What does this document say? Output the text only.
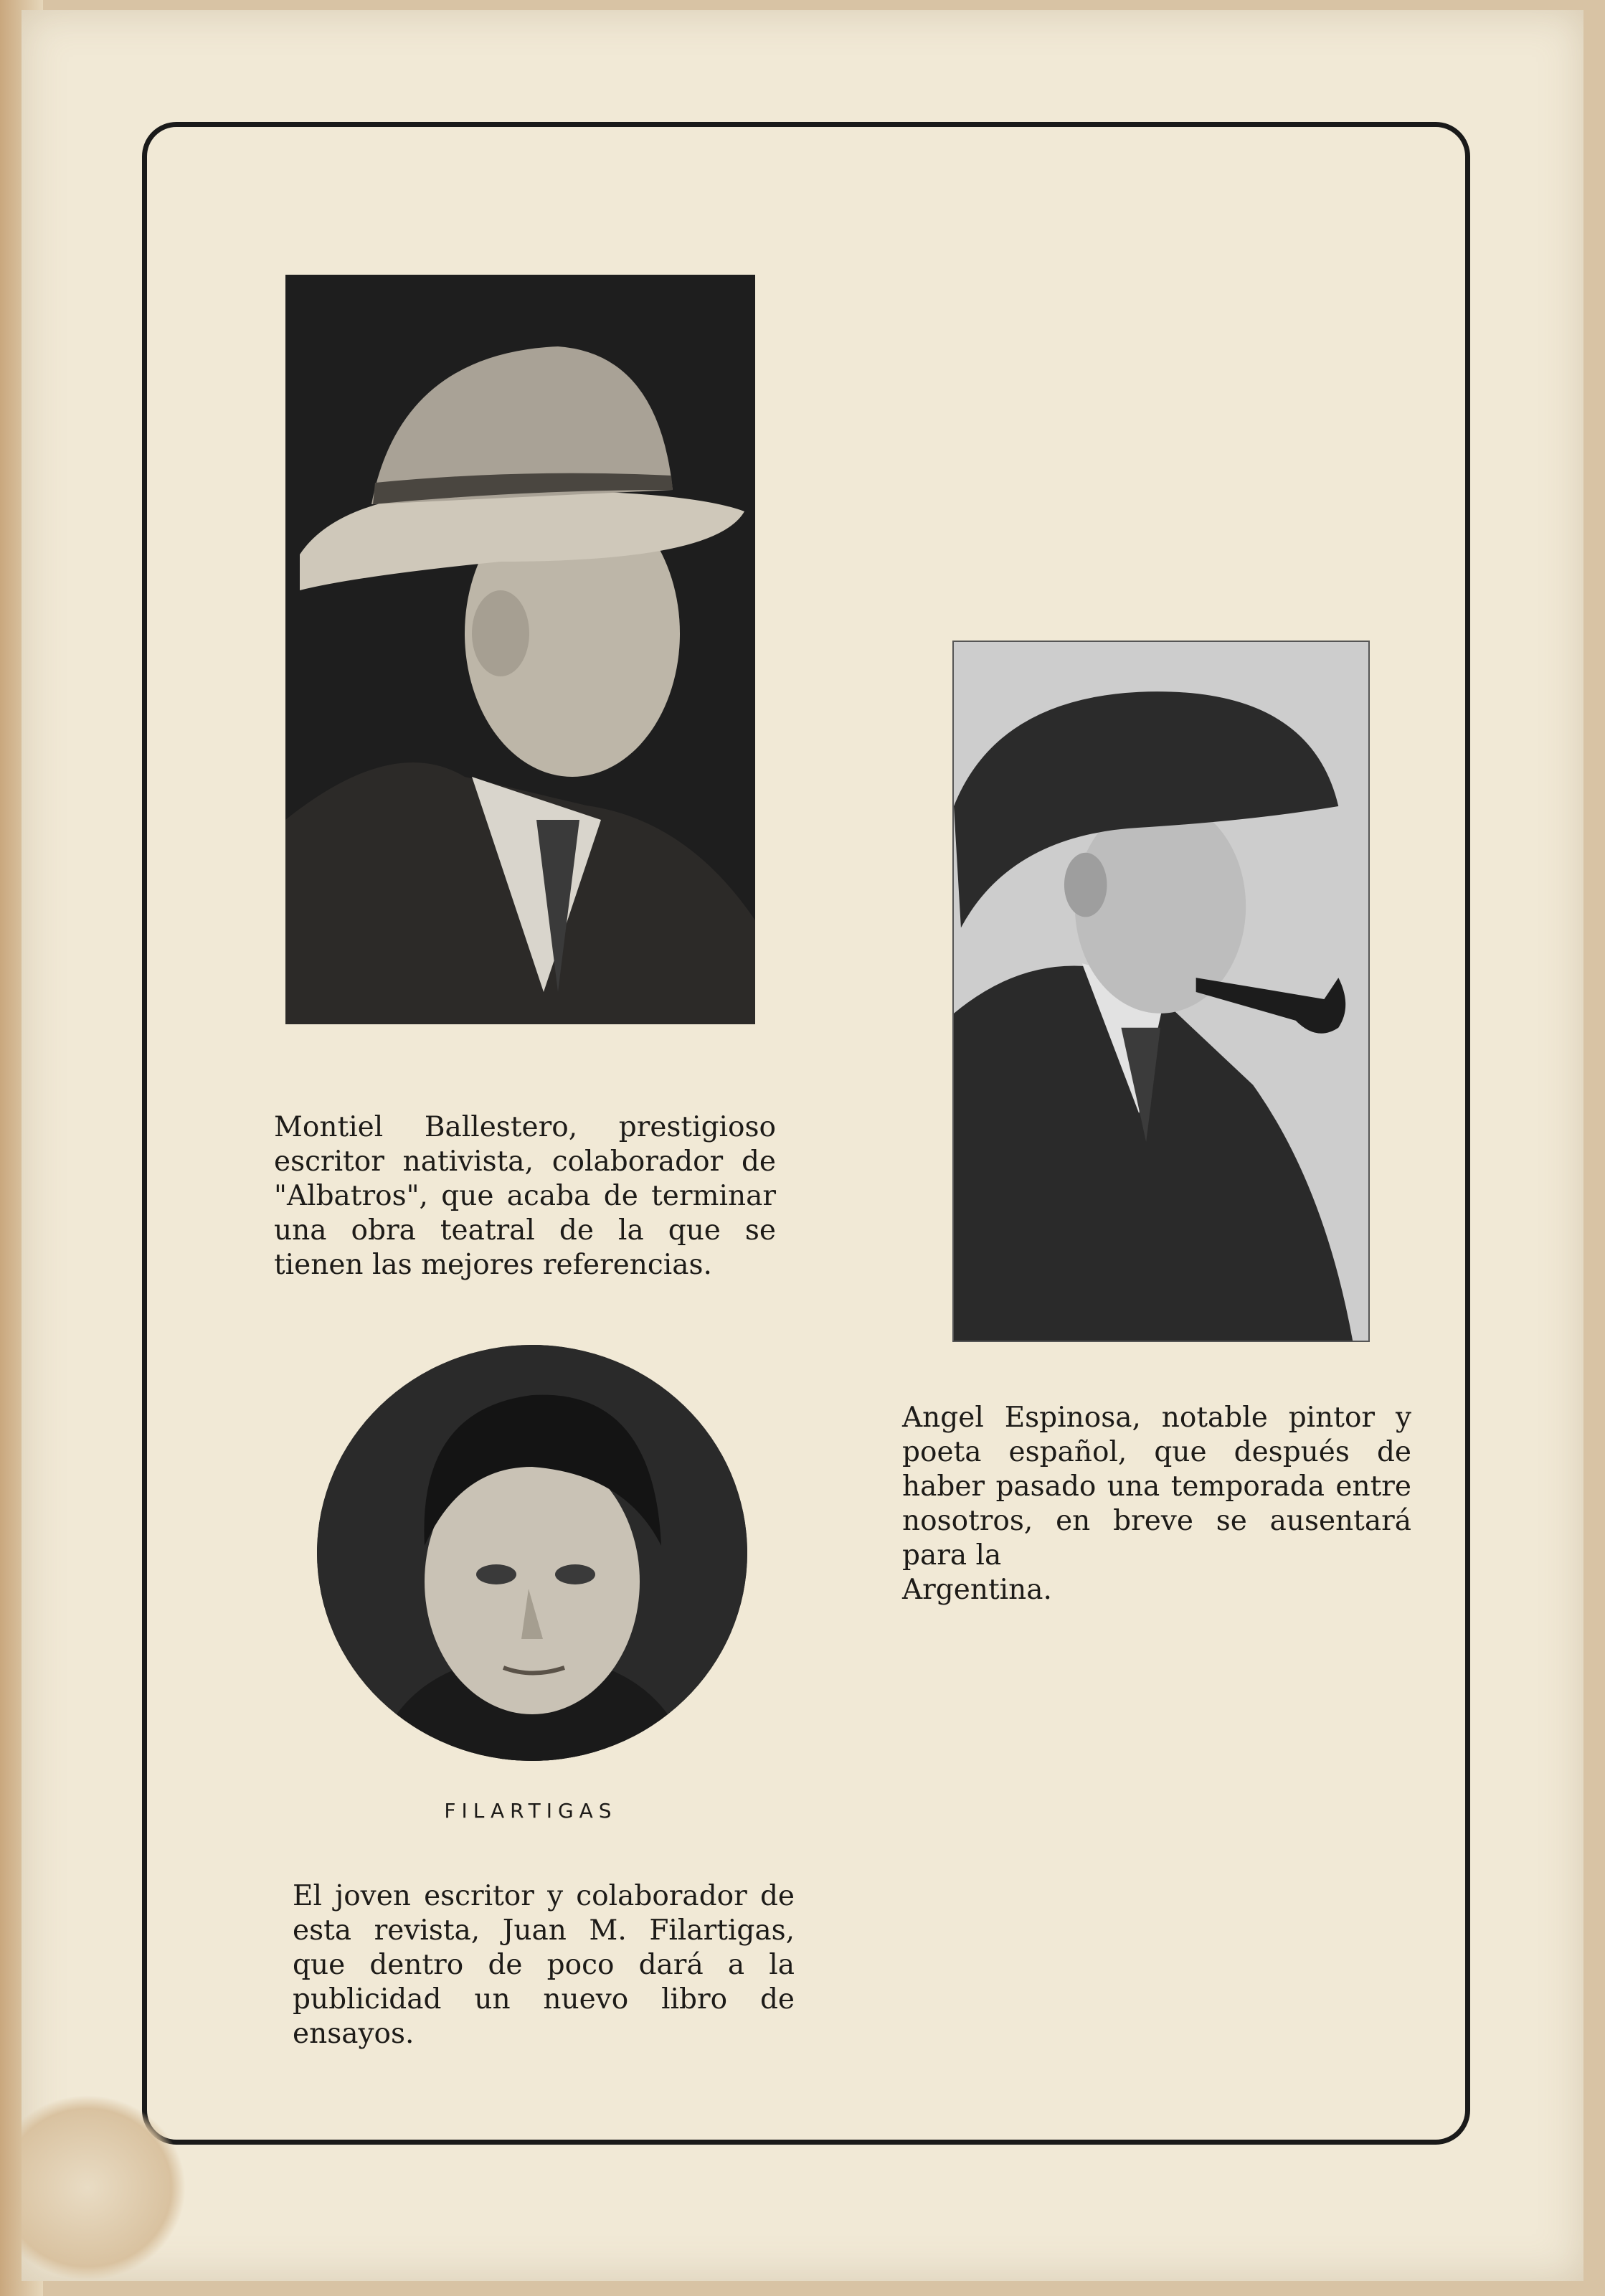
Montiel Ballestero, prestigioso escritor nativista, colaborador de "Albatros", que acaba de terminar una obra teatral de la que se tienen las mejores referencias.

Angel Espinosa, notable pintor y poeta español, que después de haber pasado una temporada entre nosotros, en breve se ausentará para la
Argentina.

FILARTIGAS

El joven escritor y colaborador de esta revista, Juan M. Filartigas, que dentro de poco dará a la publicidad un nuevo libro de ensayos.
